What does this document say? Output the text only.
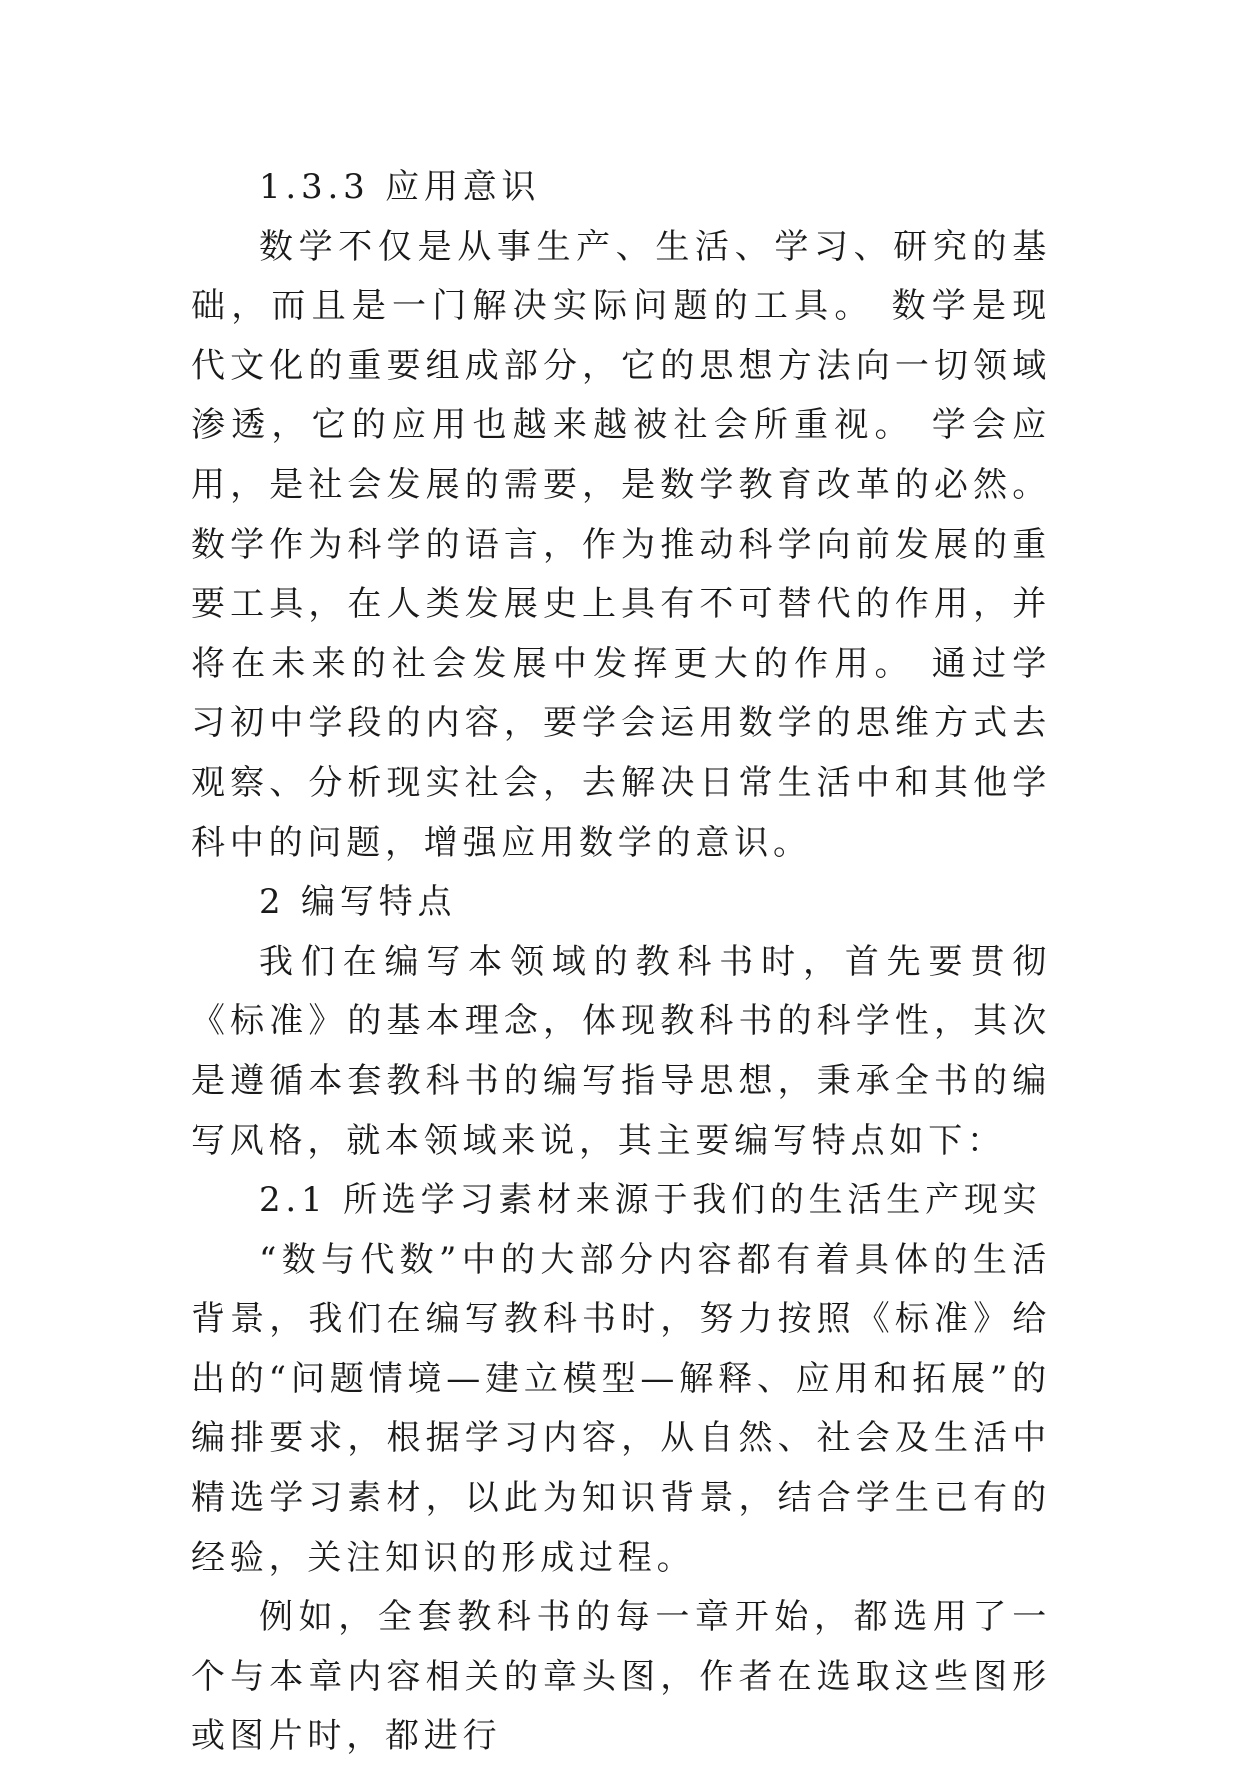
1.3.3 应用意识

数学不仅是从事生产、生活、学习、研究的基础，而且是一门解决实际问题的工具。 数学是现代文化的重要组成部分，它的思想方法向一切领域渗透，它的应用也越来越被社会所重视。 学会应用，是社会发展的需要，是数学教育改革的必然。 数学作为科学的语言，作为推动科学向前发展的重要工具，在人类发展史上具有不可替代的作用，并将在未来的社会发展中发挥更大的作用。 通过学习初中学段的内容，要学会运用数学的思维方式去观察、分析现实社会，去解决日常生活中和其他学科中的问题，增强应用数学的意识。

2 编写特点

我们在编写本领域的教科书时，首先要贯彻《标准》的基本理念，体现教科书的科学性，其次是遵循本套教科书的编写指导思想，秉承全书的编写风格，就本领域来说，其主要编写特点如下：

2.1 所选学习素材来源于我们的生活生产现实

“数与代数”中的大部分内容都有着具体的生活背景，我们在编写教科书时，努力按照《标准》给出的“问题情境—建立模型—解释、应用和拓展”的编排要求，根据学习内容，从自然、社会及生活中精选学习素材，以此为知识背景，结合学生已有的经验，关注知识的形成过程。

例如，全套教科书的每一章开始，都选用了一个与本章内容相关的章头图，作者在选取这些图形或图片时，都进行
